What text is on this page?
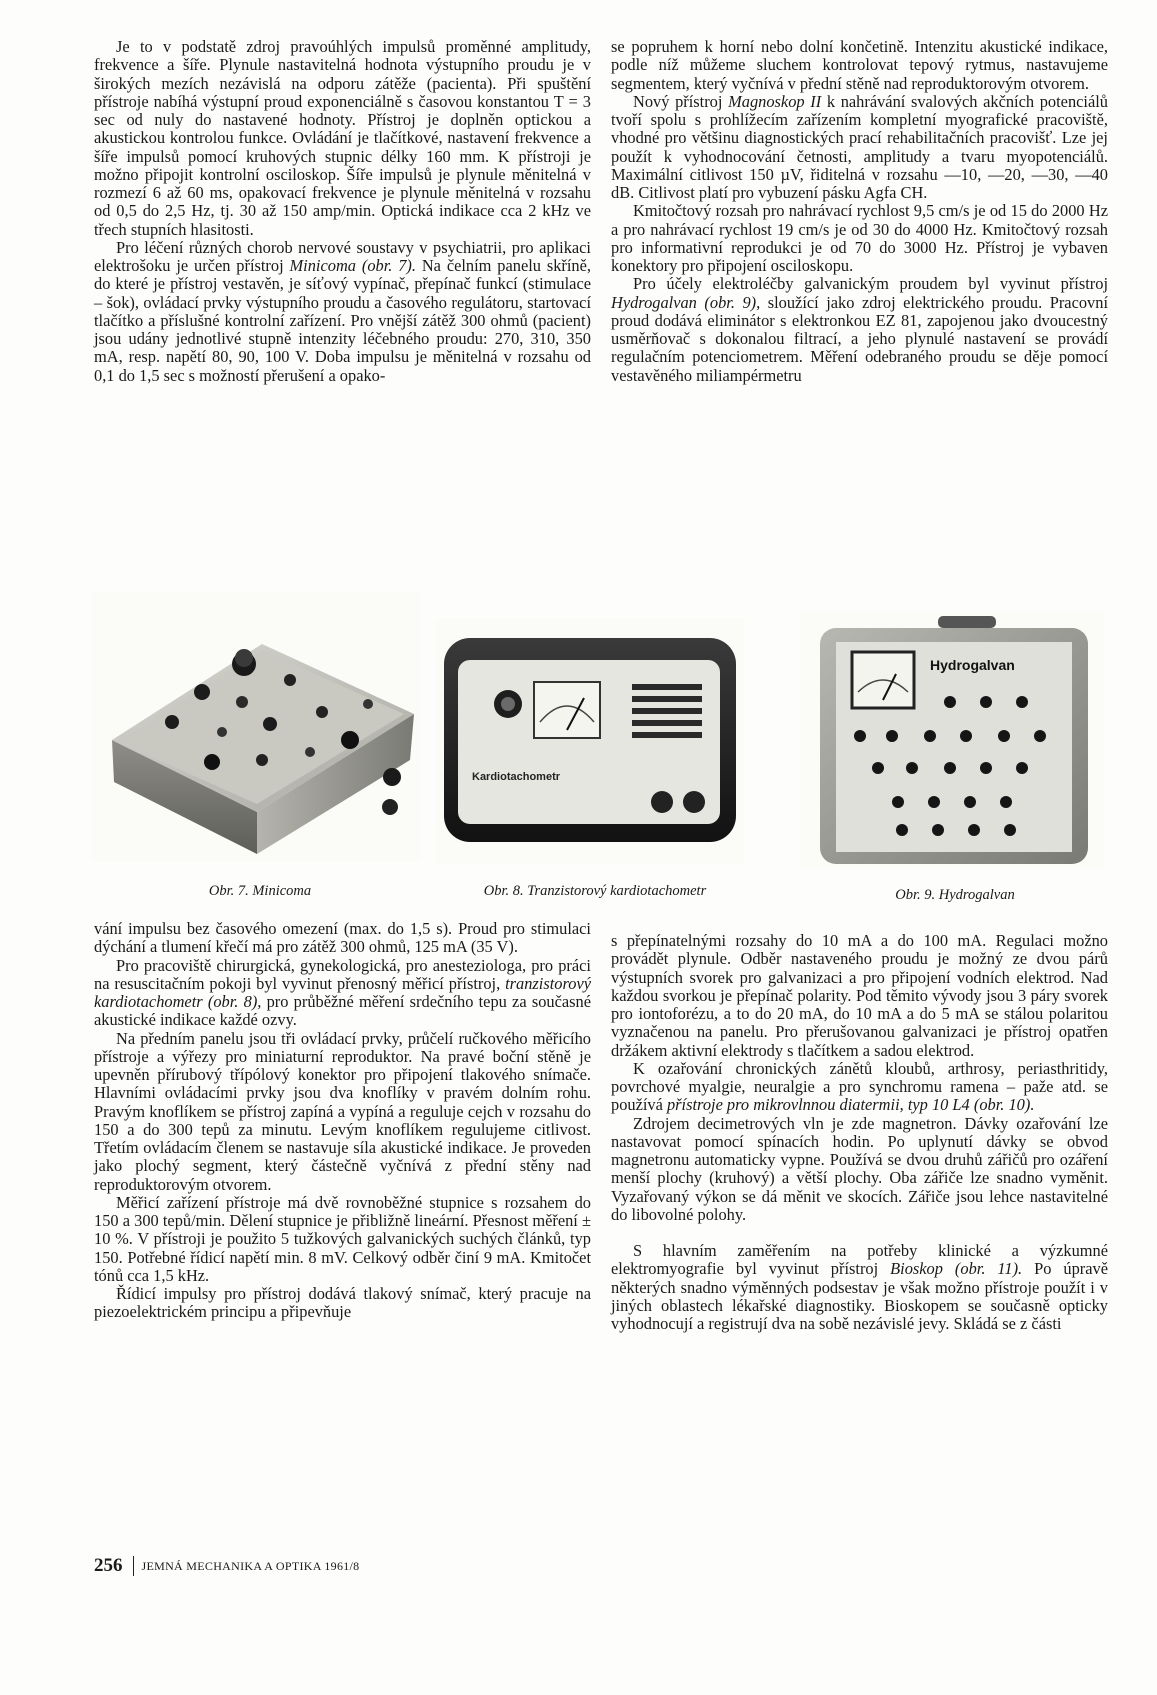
Je to v podstatě zdroj pravoúhlých impulsů proměnné amplitudy, frekvence a šíře. Plynule nastavitelná hodnota výstupního proudu je v širokých mezích nezávislá na odporu zátěže (pacienta). Při spuštění přístroje nabíhá výstupní proud exponenciálně s časovou konstantou T = 3 sec od nuly do nastavené hodnoty. Přístroj je doplněn optickou a akustickou kontrolou funkce. Ovládání je tlačítkové, nastavení frekvence a šíře impulsů pomocí kruhových stupnic délky 160 mm. K přístroji je možno připojit kontrolní osciloskop. Šíře impulsů je plynule měnitelná v rozmezí 6 až 60 ms, opakovací frekvence je plynule měnitelná v rozsahu od 0,5 do 2,5 Hz, tj. 30 až 150 amp/min. Optická indikace cca 2 kHz ve třech stupních hlasitosti.

Pro léčení různých chorob nervové soustavy v psychiatrii, pro aplikaci elektrošoku je určen přístroj Minicoma (obr. 7). Na čelním panelu skříně, do které je přístroj vestavěn, je síťový vypínač, přepínač funkcí (stimulace – šok), ovládací prvky výstupního proudu a časového regulátoru, startovací tlačítko a příslušné kontrolní zařízení. Pro vnější zátěž 300 ohmů (pacient) jsou udány jednotlivé stupně intenzity léčebného proudu: 270, 310, 350 mA, resp. napětí 80, 90, 100 V. Doba impulsu je měnitelná v rozsahu od 0,1 do 1,5 sec s možností přerušení a opako-

se popruhem k horní nebo dolní končetině. Intenzitu akustické indikace, podle níž můžeme sluchem kontrolovat tepový rytmus, nastavujeme segmentem, který vyčnívá v přední stěně nad reproduktorovým otvorem.

Nový přístroj Magnoskop II k nahrávání svalových akčních potenciálů tvoří spolu s prohlížecím zařízením kompletní myografické pracoviště, vhodné pro většinu diagnostických prací rehabilitačních pracovišť. Lze jej použít k vyhodnocování četnosti, amplitudy a tvaru myopotenciálů. Maximální citlivost 150 µV, řiditelná v rozsahu —10, —20, —30, —40 dB. Citlivost platí pro vybuzení pásku Agfa CH.

Kmitočtový rozsah pro nahrávací rychlost 9,5 cm/s je od 15 do 2000 Hz a pro nahrávací rychlost 19 cm/s je od 30 do 4000 Hz. Kmitočtový rozsah pro informativní reprodukci je od 70 do 3000 Hz. Přístroj je vybaven konektory pro připojení osciloskopu.

Pro účely elektroléčby galvanickým proudem byl vyvinut přístroj Hydrogalvan (obr. 9), sloužící jako zdroj elektrického proudu. Pracovní proud dodává eliminátor s elektronkou EZ 81, zapojenou jako dvoucestný usměrňovač s dokonalou filtrací, a jeho plynulé nastavení se provádí regulačním potenciometrem. Měření odebraného proudu se děje pomocí vestavěného miliampérmetru

Kardiotachometr
Hydrogalvan
Obr. 7. Minicoma	Obr. 8. Tranzistorový kardiotachometr	Obr. 9. Hydrogalvan

vání impulsu bez časového omezení (max. do 1,5 s). Proud pro stimulaci dýchání a tlumení křečí má pro zátěž 300 ohmů, 125 mA (35 V).

Pro pracoviště chirurgická, gynekologická, pro anesteziologa, pro práci na resuscitačním pokoji byl vyvinut přenosný měřicí přístroj, tranzistorový kardiotachometr (obr. 8), pro průběžné měření srdečního tepu za současné akustické indikace každé ozvy.

Na předním panelu jsou tři ovládací prvky, průčelí ručkového měřicího přístroje a výřezy pro miniaturní reproduktor. Na pravé boční stěně je upevněn přírubový třípólový konektor pro připojení tlakového snímače. Hlavními ovládacími prvky jsou dva knoflíky v pravém dolním rohu. Pravým knoflíkem se přístroj zapíná a vypíná a reguluje cejch v rozsahu do 150 a do 300 tepů za minutu. Levým knoflíkem regulujeme citlivost. Třetím ovládacím členem se nastavuje síla akustické indikace. Je proveden jako plochý segment, který částečně vyčnívá z přední stěny nad reproduktorovým otvorem.

Měřicí zařízení přístroje má dvě rovnoběžné stupnice s rozsahem do 150 a 300 tepů/min. Dělení stupnice je přibližně lineární. Přesnost měření ± 10 %. V přístroji je použito 5 tužkových galvanických suchých článků, typ 150. Potřebné řídicí napětí min. 8 mV. Celkový odběr činí 9 mA. Kmitočet tónů cca 1,5 kHz.

Řídicí impulsy pro přístroj dodává tlakový snímač, který pracuje na piezoelektrickém principu a připevňuje

s přepínatelnými rozsahy do 10 mA a do 100 mA. Regulaci možno provádět plynule. Odběr nastaveného proudu je možný ze dvou párů výstupních svorek pro galvanizaci a pro připojení vodních elektrod. Nad každou svorkou je přepínač polarity. Pod těmito vývody jsou 3 páry svorek pro iontoforézu, a to do 20 mA, do 10 mA a do 5 mA se stálou polaritou vyznačenou na panelu. Pro přerušovanou galvanizaci je přístroj opatřen držákem aktivní elektrody s tlačítkem a sadou elektrod.

K ozařování chronických zánětů kloubů, arthrosy, periasthritidy, povrchové myalgie, neuralgie a pro synchromu ramena – paže atd. se používá přístroje pro mikrovlnnou diatermii, typ 10 L4 (obr. 10).

Zdrojem decimetrových vln je zde magnetron. Dávky ozařování lze nastavovat pomocí spínacích hodin. Po uplynutí dávky se obvod magnetronu automaticky vypne. Používá se dvou druhů zářičů pro ozáření menší plochy (kruhový) a větší plochy. Oba zářiče lze snadno vyměnit. Vyzařovaný výkon se dá měnit ve skocích. Zářiče jsou lehce nastavitelné do libovolné polohy.

S hlavním zaměřením na potřeby klinické a výzkumné elektromyografie byl vyvinut přístroj Bioskop (obr. 11). Po úpravě některých snadno výměnných podsestav je však možno přístroje použít i v jiných oblastech lékařské diagnostiky. Bioskopem se současně opticky vyhodnocují a registrují dva na sobě nezávislé jevy. Skládá se z části

256 JEMNÁ MECHANIKA A OPTIKA 1961/8
